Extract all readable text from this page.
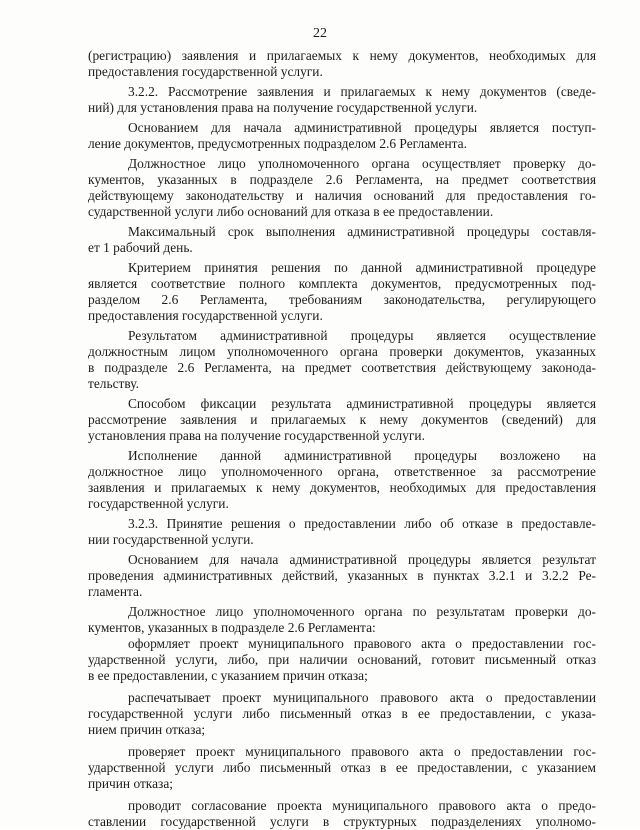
22
(регистрацию) заявления и прилагаемых к нему документов, необходимых для
предоставления государственной услуги.
3.2.2. Рассмотрение заявления и прилагаемых к нему документов (сведе-
ний) для установления права на получение государственной услуги.
Основанием для начала административной процедуры является поступ-
ление документов, предусмотренных подразделом 2.6 Регламента.
Должностное лицо уполномоченного органа осуществляет проверку до-
кументов, указанных в подразделе 2.6 Регламента, на предмет соответствия
действующему законодательству и наличия оснований для предоставления го-
сударственной услуги либо оснований для отказа в ее предоставлении.
Максимальный срок выполнения административной процедуры составля-
ет 1 рабочий день.
Критерием принятия решения по данной административной процедуре
является соответствие полного комплекта документов, предусмотренных под-
разделом 2.6 Регламента, требованиям законодательства, регулирующего
предоставления государственной услуги.
Результатом административной процедуры является осуществление
должностным лицом уполномоченного органа проверки документов, указанных
в подразделе 2.6 Регламента, на предмет соответствия действующему законода-
тельству.
Способом фиксации результата административной процедуры является
рассмотрение заявления и прилагаемых к нему документов (сведений) для
установления права на получение государственной услуги.
Исполнение данной административной процедуры возложено на
должностное лицо уполномоченного органа, ответственное за рассмотрение
заявления и прилагаемых к нему документов, необходимых для предоставления
государственной услуги.
3.2.3. Принятие решения о предоставлении либо об отказе в предоставле-
нии государственной услуги.
Основанием для начала административной процедуры является результат
проведения административных действий, указанных в пунктах 3.2.1 и 3.2.2 Ре-
гламента.
Должностное лицо уполномоченного органа по результатам проверки до-
кументов, указанных в подразделе 2.6 Регламента:
оформляет проект муниципального правового акта о предоставлении гос-
ударственной услуги, либо, при наличии оснований, готовит письменный отказ
в ее предоставлении, с указанием причин отказа;
распечатывает проект муниципального правового акта о предоставлении
государственной услуги либо письменный отказ в ее предоставлении, с указа-
нием причин отказа;
проверяет проект муниципального правового акта о предоставлении гос-
ударственной услуги либо письменный отказ в ее предоставлении, с указанием
причин отказа;
проводит согласование проекта муниципального правового акта о предо-
ставлении государственной услуги в структурных подразделениях уполномо-
